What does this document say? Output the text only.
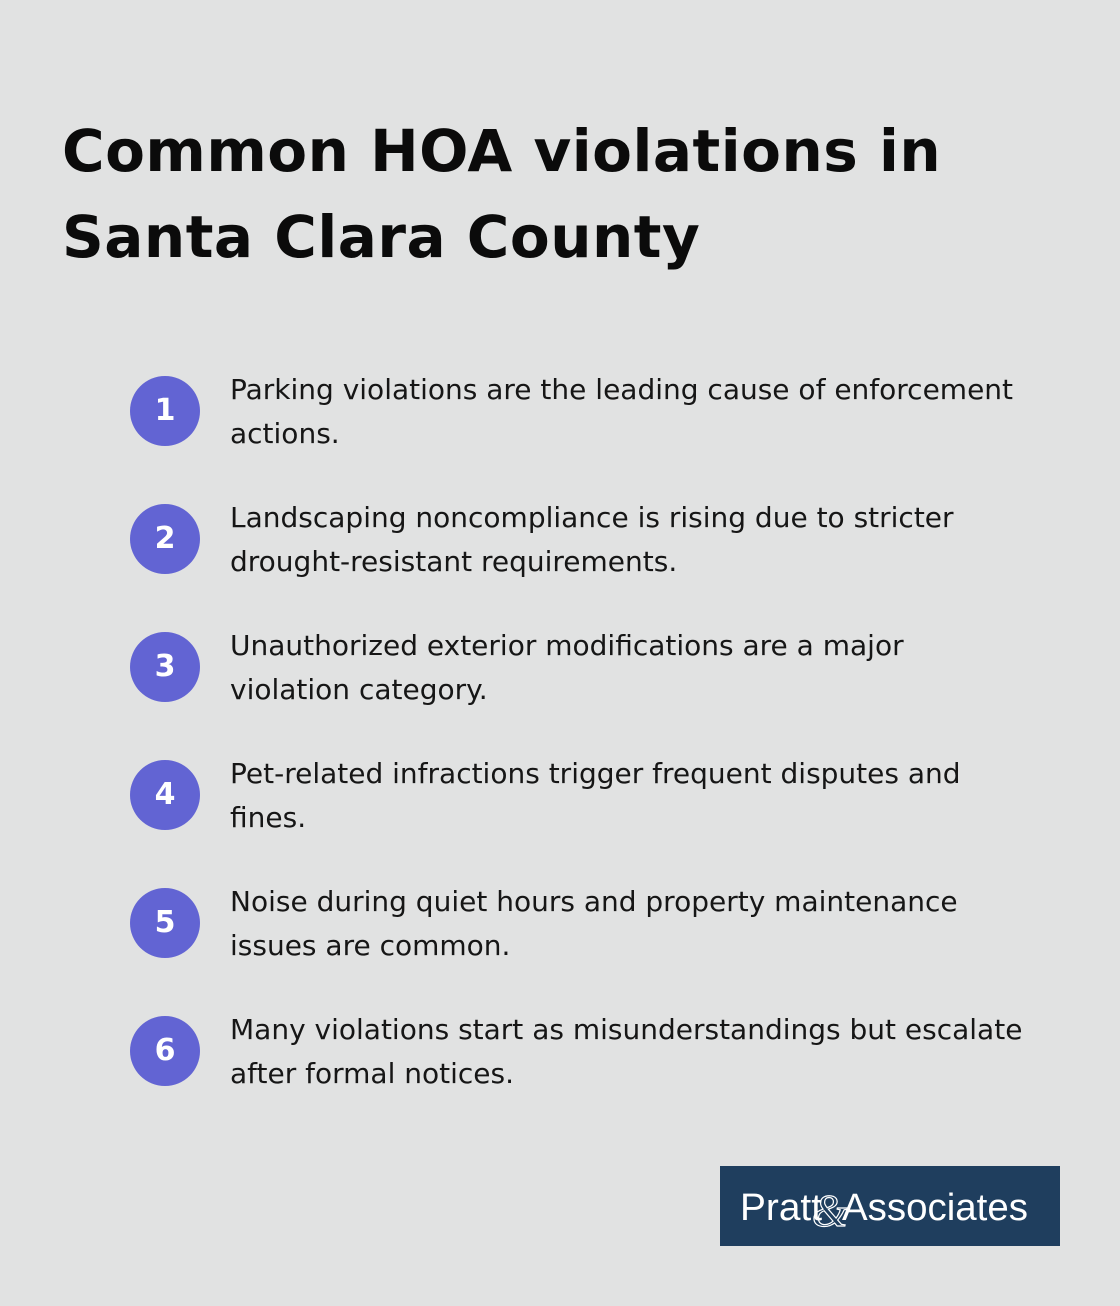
Common HOA violations in Santa Clara County
1
Parking violations are the leading cause of enforcement actions.
2
Landscaping noncompliance is rising due to stricter drought-resistant requirements.
3
Unauthorized exterior modifications are a major violation category.
4
Pet-related infractions trigger frequent disputes and fines.
5
Noise during quiet hours and property maintenance issues are common.
6
Many violations start as misunderstandings but escalate after formal notices.
Pratt
&
Associates
